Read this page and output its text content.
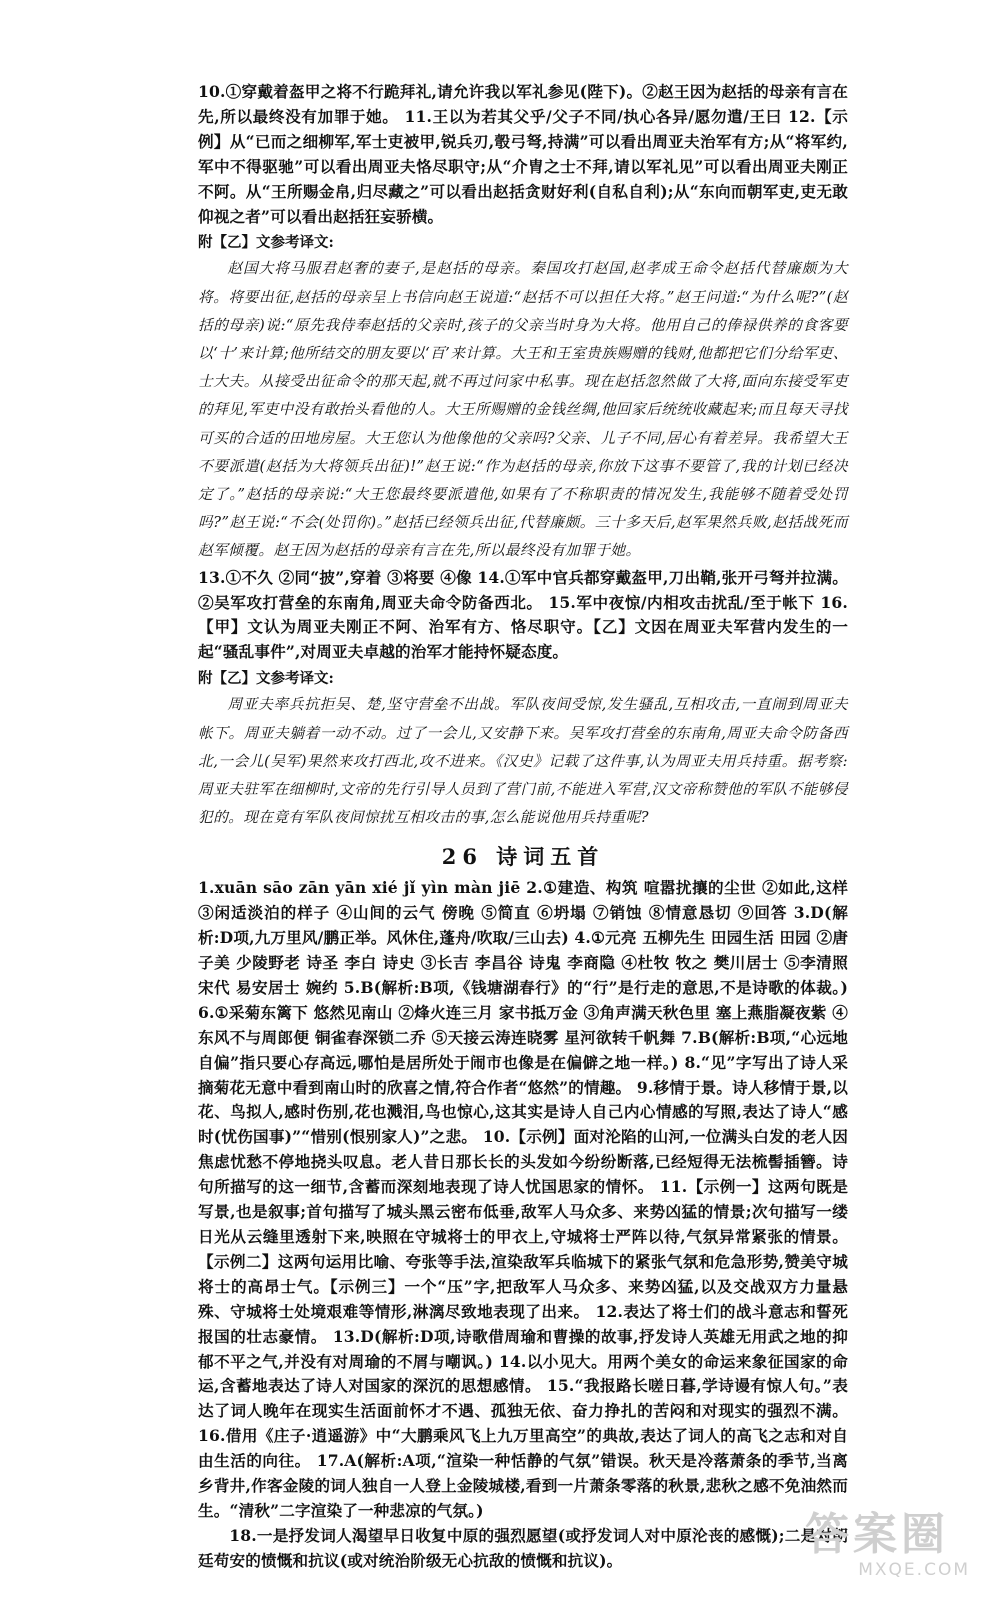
10.①穿戴着盔甲之将不行跪拜礼,请允许我以军礼参见(陛下)。②赵王因为赵括的母亲有言在先,所以最终没有加罪于她。 11.王以为若其父乎/父子不同/执心各异/愿勿遣/王曰 12.【示例】从“已而之细柳军,军士吏被甲,锐兵刃,彀弓弩,持满”可以看出周亚夫治军有方;从“将军约,军中不得驱驰”可以看出周亚夫恪尽职守;从“介胄之士不拜,请以军礼见”可以看出周亚夫刚正不阿。从“王所赐金帛,归尽藏之”可以看出赵括贪财好利(自私自利);从“东向而朝军吏,吏无敢仰视之者”可以看出赵括狂妄骄横。

附【乙】文参考译文:

赵国大将马服君赵奢的妻子,是赵括的母亲。秦国攻打赵国,赵孝成王命令赵括代替廉颇为大将。将要出征,赵括的母亲呈上书信向赵王说道:“赵括不可以担任大将。”赵王问道:“为什么呢?”(赵括的母亲)说:“原先我侍奉赵括的父亲时,孩子的父亲当时身为大将。他用自己的俸禄供养的食客要以‘十’来计算;他所结交的朋友要以‘百’来计算。大王和王室贵族赐赠的钱财,他都把它们分给军吏、士大夫。从接受出征命令的那天起,就不再过问家中私事。现在赵括忽然做了大将,面向东接受军吏的拜见,军吏中没有敢抬头看他的人。大王所赐赠的金钱丝绸,他回家后统统收藏起来;而且每天寻找可买的合适的田地房屋。大王您认为他像他的父亲吗?父亲、儿子不同,居心有着差异。我希望大王不要派遣(赵括为大将领兵出征)!”赵王说:“作为赵括的母亲,你放下这事不要管了,我的计划已经决定了。”赵括的母亲说:“大王您最终要派遣他,如果有了不称职责的情况发生,我能够不随着受处罚吗?”赵王说:“不会(处罚你)。”赵括已经领兵出征,代替廉颇。三十多天后,赵军果然兵败,赵括战死而赵军倾覆。赵王因为赵括的母亲有言在先,所以最终没有加罪于她。

13.①不久 ②同“披”,穿着 ③将要 ④像 14.①军中官兵都穿戴盔甲,刀出鞘,张开弓弩并拉满。②吴军攻打营垒的东南角,周亚夫命令防备西北。 15.军中夜惊/内相攻击扰乱/至于帐下 16.【甲】文认为周亚夫刚正不阿、治军有方、恪尽职守。【乙】文因在周亚夫军营内发生的一起“骚乱事件”,对周亚夫卓越的治军才能持怀疑态度。

附【乙】文参考译文:

周亚夫率兵抗拒吴、楚,坚守营垒不出战。军队夜间受惊,发生骚乱,互相攻击,一直闹到周亚夫帐下。周亚夫躺着一动不动。过了一会儿,又安静下来。吴军攻打营垒的东南角,周亚夫命令防备西北,一会儿(吴军)果然来攻打西北,攻不进来。《汉史》记载了这件事,认为周亚夫用兵持重。据考察:周亚夫驻军在细柳时,文帝的先行引导人员到了营门前,不能进入军营,汉文帝称赞他的军队不能够侵犯的。现在竟有军队夜间惊扰互相攻击的事,怎么能说他用兵持重呢?

26 诗词五首

1.xuān sāo zān yān xié jǐ yìn màn jiē 2.①建造、构筑 喧嚣扰攘的尘世 ②如此,这样 ③闲适淡泊的样子 ④山间的云气 傍晚 ⑤简直 ⑥坍塌 ⑦销蚀 ⑧情意恳切 ⑨回答 3.D(解析:D项,九万里风/鹏正举。风休住,蓬舟/吹取/三山去) 4.①元亮 五柳先生 田园生活 田园 ②唐 子美 少陵野老 诗圣 李白 诗史 ③长吉 李昌谷 诗鬼 李商隐 ④杜牧 牧之 樊川居士 ⑤李清照 宋代 易安居士 婉约 5.B(解析:B项,《钱塘湖春行》的“行”是行走的意思,不是诗歌的体裁。) 6.①采菊东篱下 悠然见南山 ②烽火连三月 家书抵万金 ③角声满天秋色里 塞上燕脂凝夜紫 ④东风不与周郎便 铜雀春深锁二乔 ⑤天接云涛连晓雾 星河欲转千帆舞 7.B(解析:B项,“心远地自偏”指只要心存高远,哪怕是居所处于闹市也像是在偏僻之地一样。) 8.“见”字写出了诗人采摘菊花无意中看到南山时的欣喜之情,符合作者“悠然”的情趣。 9.移情于景。诗人移情于景,以花、鸟拟人,感时伤别,花也溅泪,鸟也惊心,这其实是诗人自己内心情感的写照,表达了诗人“感时(忧伤国事)”“惜别(恨别家人)”之悲。 10.【示例】面对沦陷的山河,一位满头白发的老人因焦虑忧愁不停地挠头叹息。老人昔日那长长的头发如今纷纷断落,已经短得无法梳髻插簪。诗句所描写的这一细节,含蓄而深刻地表现了诗人忧国思家的情怀。 11.【示例一】这两句既是写景,也是叙事;首句描写了城头黑云密布低垂,敌军人马众多、来势凶猛的情景;次句描写一缕日光从云缝里透射下来,映照在守城将士的甲衣上,守城将士严阵以待,气氛异常紧张的情景。【示例二】这两句运用比喻、夸张等手法,渲染敌军兵临城下的紧张气氛和危急形势,赞美守城将士的高昂士气。【示例三】一个“压”字,把敌军人马众多、来势凶猛,以及交战双方力量悬殊、守城将士处境艰难等情形,淋漓尽致地表现了出来。 12.表达了将士们的战斗意志和誓死报国的壮志豪情。 13.D(解析:D项,诗歌借周瑜和曹操的故事,抒发诗人英雄无用武之地的抑郁不平之气,并没有对周瑜的不屑与嘲讽。) 14.以小见大。用两个美女的命运来象征国家的命运,含蓄地表达了诗人对国家的深沉的思想感情。 15.“我报路长嗟日暮,学诗谩有惊人句。”表达了词人晚年在现实生活面前怀才不遇、孤独无依、奋力挣扎的苦闷和对现实的强烈不满。 16.借用《庄子·逍遥游》中“大鹏乘风飞上九万里高空”的典故,表达了词人的高飞之志和对自由生活的向往。 17.A(解析:A项,“渲染一种恬静的气氛”错误。秋天是冷落萧条的季节,当离乡背井,作客金陵的词人独自一人登上金陵城楼,看到一片萧条零落的秋景,悲秋之感不免油然而生。“清秋”二字渲染了一种悲凉的气氛。)

18.一是抒发词人渴望早日收复中原的强烈愿望(或抒发词人对中原沦丧的感慨);二是对朝廷苟安的愤慨和抗议(或对统治阶级无心抗敌的愤慨和抗议)。

答案圈
MXQE.COM
